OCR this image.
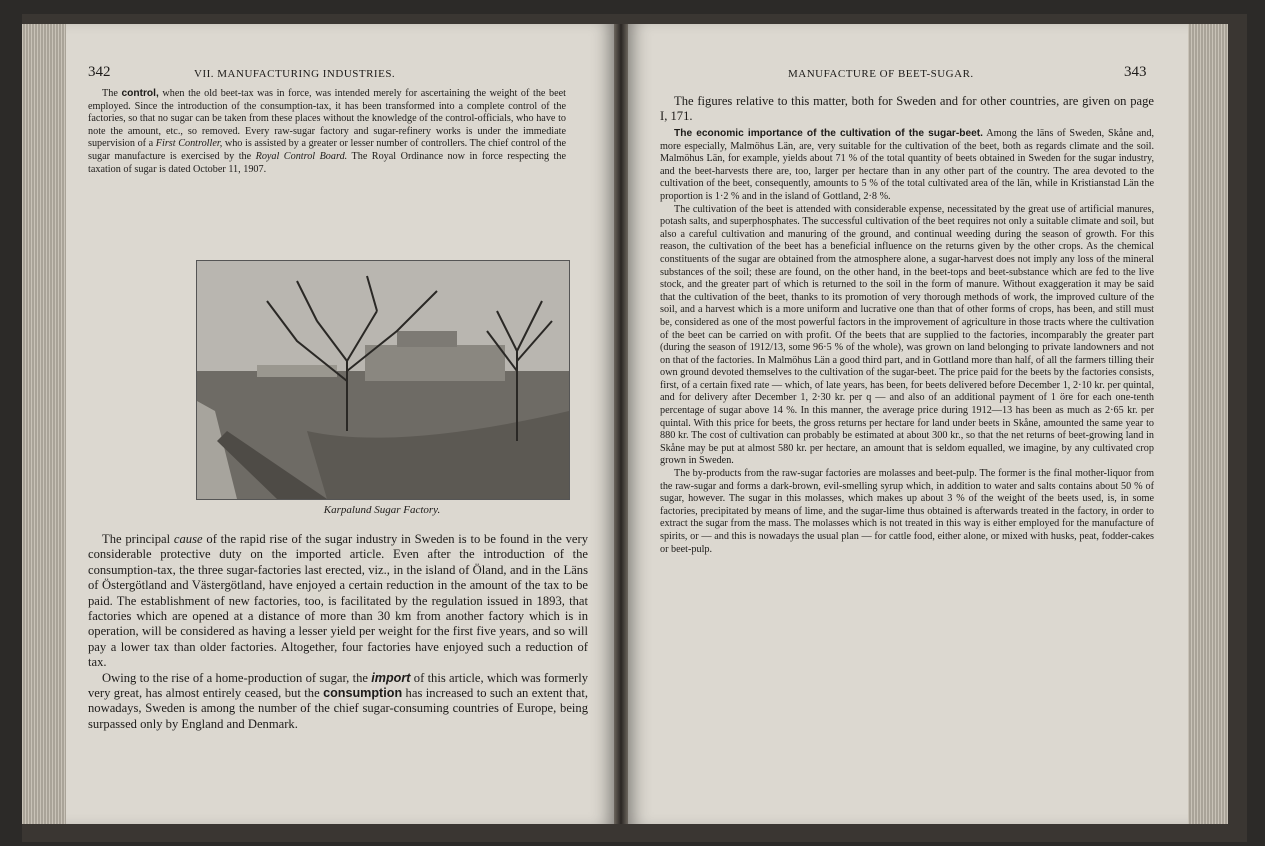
342	VII. MANUFACTURING INDUSTRIES.

The control, when the old beet-tax was in force, was intended merely for ascertaining the weight of the beet employed. Since the introduction of the consumption-tax, it has been transformed into a complete control of the factories, so that no sugar can be taken from these places without the knowledge of the control-officials, who have to note the amount, etc., so removed. Every raw-sugar factory and sugar-refinery works is under the immediate supervision of a First Controller, who is assisted by a greater or lesser number of controllers. The chief control of the sugar manufacture is exercised by the Royal Control Board. The Royal Ordinance now in force respecting the taxation of sugar is dated October 11, 1907.

Karpalund Sugar Factory.

The principal cause of the rapid rise of the sugar industry in Sweden is to be found in the very considerable protective duty on the imported article. Even after the introduction of the consumption-tax, the three sugar-factories last erected, viz., in the island of Öland, and in the Läns of Östergötland and Västergötland, have enjoyed a certain reduction in the amount of the tax to be paid. The establishment of new factories, too, is facilitated by the regulation issued in 1893, that factories which are opened at a distance of more than 30 km from another factory which is in operation, will be considered as having a lesser yield per weight for the first five years, and so will pay a lower tax than older factories. Altogether, four factories have enjoyed such a reduction of tax.

Owing to the rise of a home-production of sugar, the import of this article, which was formerly very great, has almost entirely ceased, but the consumption has increased to such an extent that, nowadays, Sweden is among the number of the chief sugar-consuming countries of Europe, being surpassed only by England and Denmark.

MANUFACTURE OF BEET-SUGAR.	343

The figures relative to this matter, both for Sweden and for other countries, are given on page I, 171.

The economic importance of the cultivation of the sugar-beet. Among the läns of Sweden, Skåne and, more especially, Malmöhus Län, are, very suitable for the cultivation of the beet, both as regards climate and the soil. Malmöhus Län, for example, yields about 71 % of the total quantity of beets obtained in Sweden for the sugar industry, and the beet-harvests there are, too, larger per hectare than in any other part of the country. The area devoted to the cultivation of the beet, consequently, amounts to 5 % of the total cultivated area of the län, while in Kristianstad Län the proportion is 1·2 % and in the island of Gottland, 2·8 %.

The cultivation of the beet is attended with considerable expense, necessitated by the great use of artificial manures, potash salts, and superphosphates. The successful cultivation of the beet requires not only a suitable climate and soil, but also a careful cultivation and manuring of the ground, and continual weeding during the season of growth. For this reason, the cultivation of the beet has a beneficial influence on the returns given by the other crops. As the chemical constituents of the sugar are obtained from the atmosphere alone, a sugar-harvest does not imply any loss of the mineral substances of the soil; these are found, on the other hand, in the beet-tops and beet-substance which are fed to the live stock, and the greater part of which is returned to the soil in the form of manure. Without exaggeration it may be said that the cultivation of the beet, thanks to its promotion of very thorough methods of work, the improved culture of the soil, and a harvest which is a more uniform and lucrative one than that of other forms of crops, has been, and still must be, considered as one of the most powerful factors in the improvement of agriculture in those tracts where the cultivation of the beet can be carried on with profit. Of the beets that are supplied to the factories, incomparably the greater part (during the season of 1912/13, some 96·5 % of the whole), was grown on land belonging to private landowners and not on that of the factories. In Malmöhus Län a good third part, and in Gottland more than half, of all the farmers tilling their own ground devoted themselves to the cultivation of the sugar-beet. The price paid for the beets by the factories consists, first, of a certain fixed rate — which, of late years, has been, for beets delivered before December 1, 2·10 kr. per quintal, and for delivery after December 1, 2·30 kr. per q — and also of an additional payment of 1 öre for each one-tenth percentage of sugar above 14 %. In this manner, the average price during 1912—13 has been as much as 2·65 kr. per quintal. With this price for beets, the gross returns per hectare for land under beets in Skåne, amounted the same year to 880 kr. The cost of cultivation can probably be estimated at about 300 kr., so that the net returns of beet-growing land in Skåne may be put at almost 580 kr. per hectare, an amount that is seldom equalled, we imagine, by any cultivated crop grown in Sweden.

The by-products from the raw-sugar factories are molasses and beet-pulp. The former is the final mother-liquor from the raw-sugar and forms a dark-brown, evil-smelling syrup which, in addition to water and salts contains about 50 % of sugar, however. The sugar in this molasses, which makes up about 3 % of the weight of the beets used, is, in some factories, precipitated by means of lime, and the sugar-lime thus obtained is afterwards treated in the factory, in order to extract the sugar from the mass. The molasses which is not treated in this way is either employed for the manufacture of spirits, or — and this is nowadays the usual plan — for cattle food, either alone, or mixed with husks, peat, fodder-cakes or beet-pulp.
